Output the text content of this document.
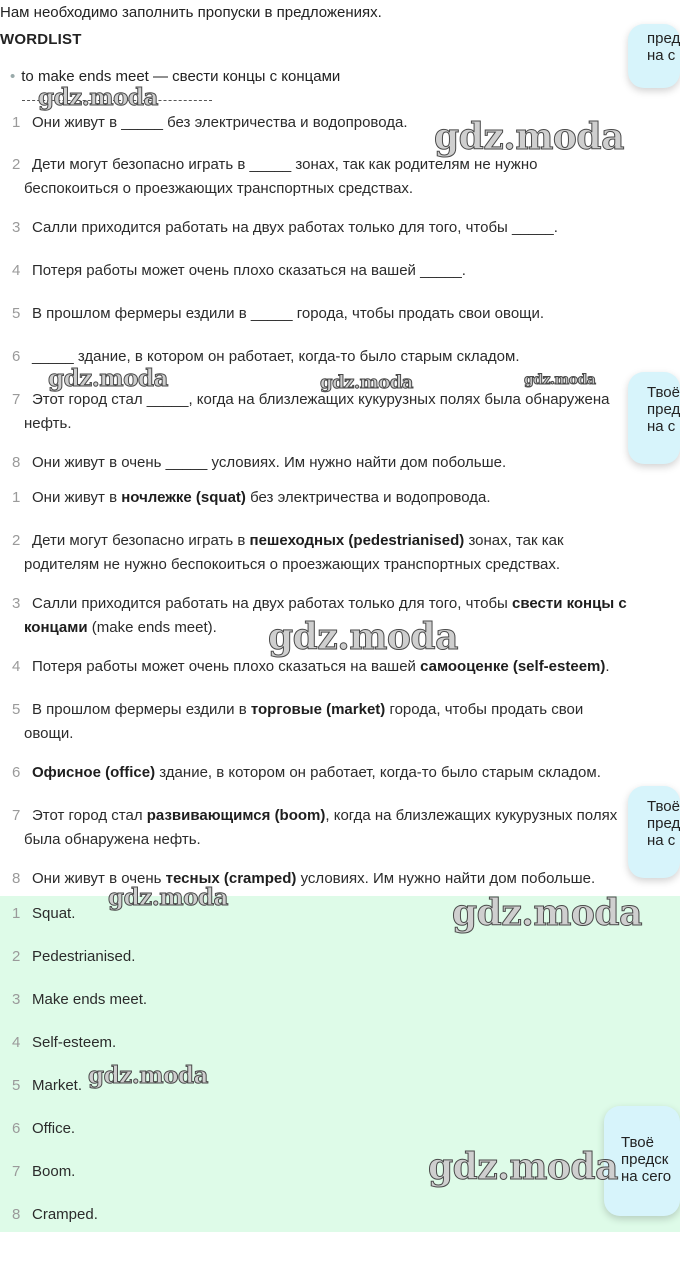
Нам необходимо заполнить пропуски в предложениях.
WORDLIST
• to make ends meet — свести концы с концами
1 Они живут в _____ без электричества и водопровода.
2 Дети могут безопасно играть в _____ зонах, так как родителям не нужно
беспокоиться о проезжающих транспортных средствах.
3 Салли приходится работать на двух работах только для того, чтобы _____.
4 Потеря работы может очень плохо сказаться на вашей _____.
5 В прошлом фермеры ездили в _____ города, чтобы продать свои овощи.
6 _____ здание, в котором он работает, когда-то было старым складом.
7 Этот город стал _____, когда на близлежащих кукурузных полях была обнаружена
нефть.
8 Они живут в очень _____ условиях. Им нужно найти дом побольше.
1 Они живут в ночлежке (squat) без электричества и водопровода.
2 Дети могут безопасно играть в пешеходных (pedestrianised) зонах, так как
родителям не нужно беспокоиться о проезжающих транспортных средствах.
3 Салли приходится работать на двух работах только для того, чтобы свести концы с
концами (make ends meet).
4 Потеря работы может очень плохо сказаться на вашей самооценке (self-esteem).
5 В прошлом фермеры ездили в торговые (market) города, чтобы продать свои
овощи.
6 Офисное (office) здание, в котором он работает, когда-то было старым складом.
7 Этот город стал развивающимся (boom), когда на близлежащих кукурузных полях
была обнаружена нефть.
8 Они живут в очень тесных (cramped) условиях. Им нужно найти дом побольше.
1 Squat.
2 Pedestrianised.
3 Make ends meet.
4 Self-esteem.
5 Market.
6 Office.
7 Boom.
8 Cramped.
пред
на с
Твоё
пред
на с
Твоё
пред
на с
Твоё
предск
на сего
gdz.moda
gdz.moda
gdz.moda	gdz.moda	gdz.moda
gdz.moda
gdz.moda	gdz.moda
gdz.moda
gdz.moda
